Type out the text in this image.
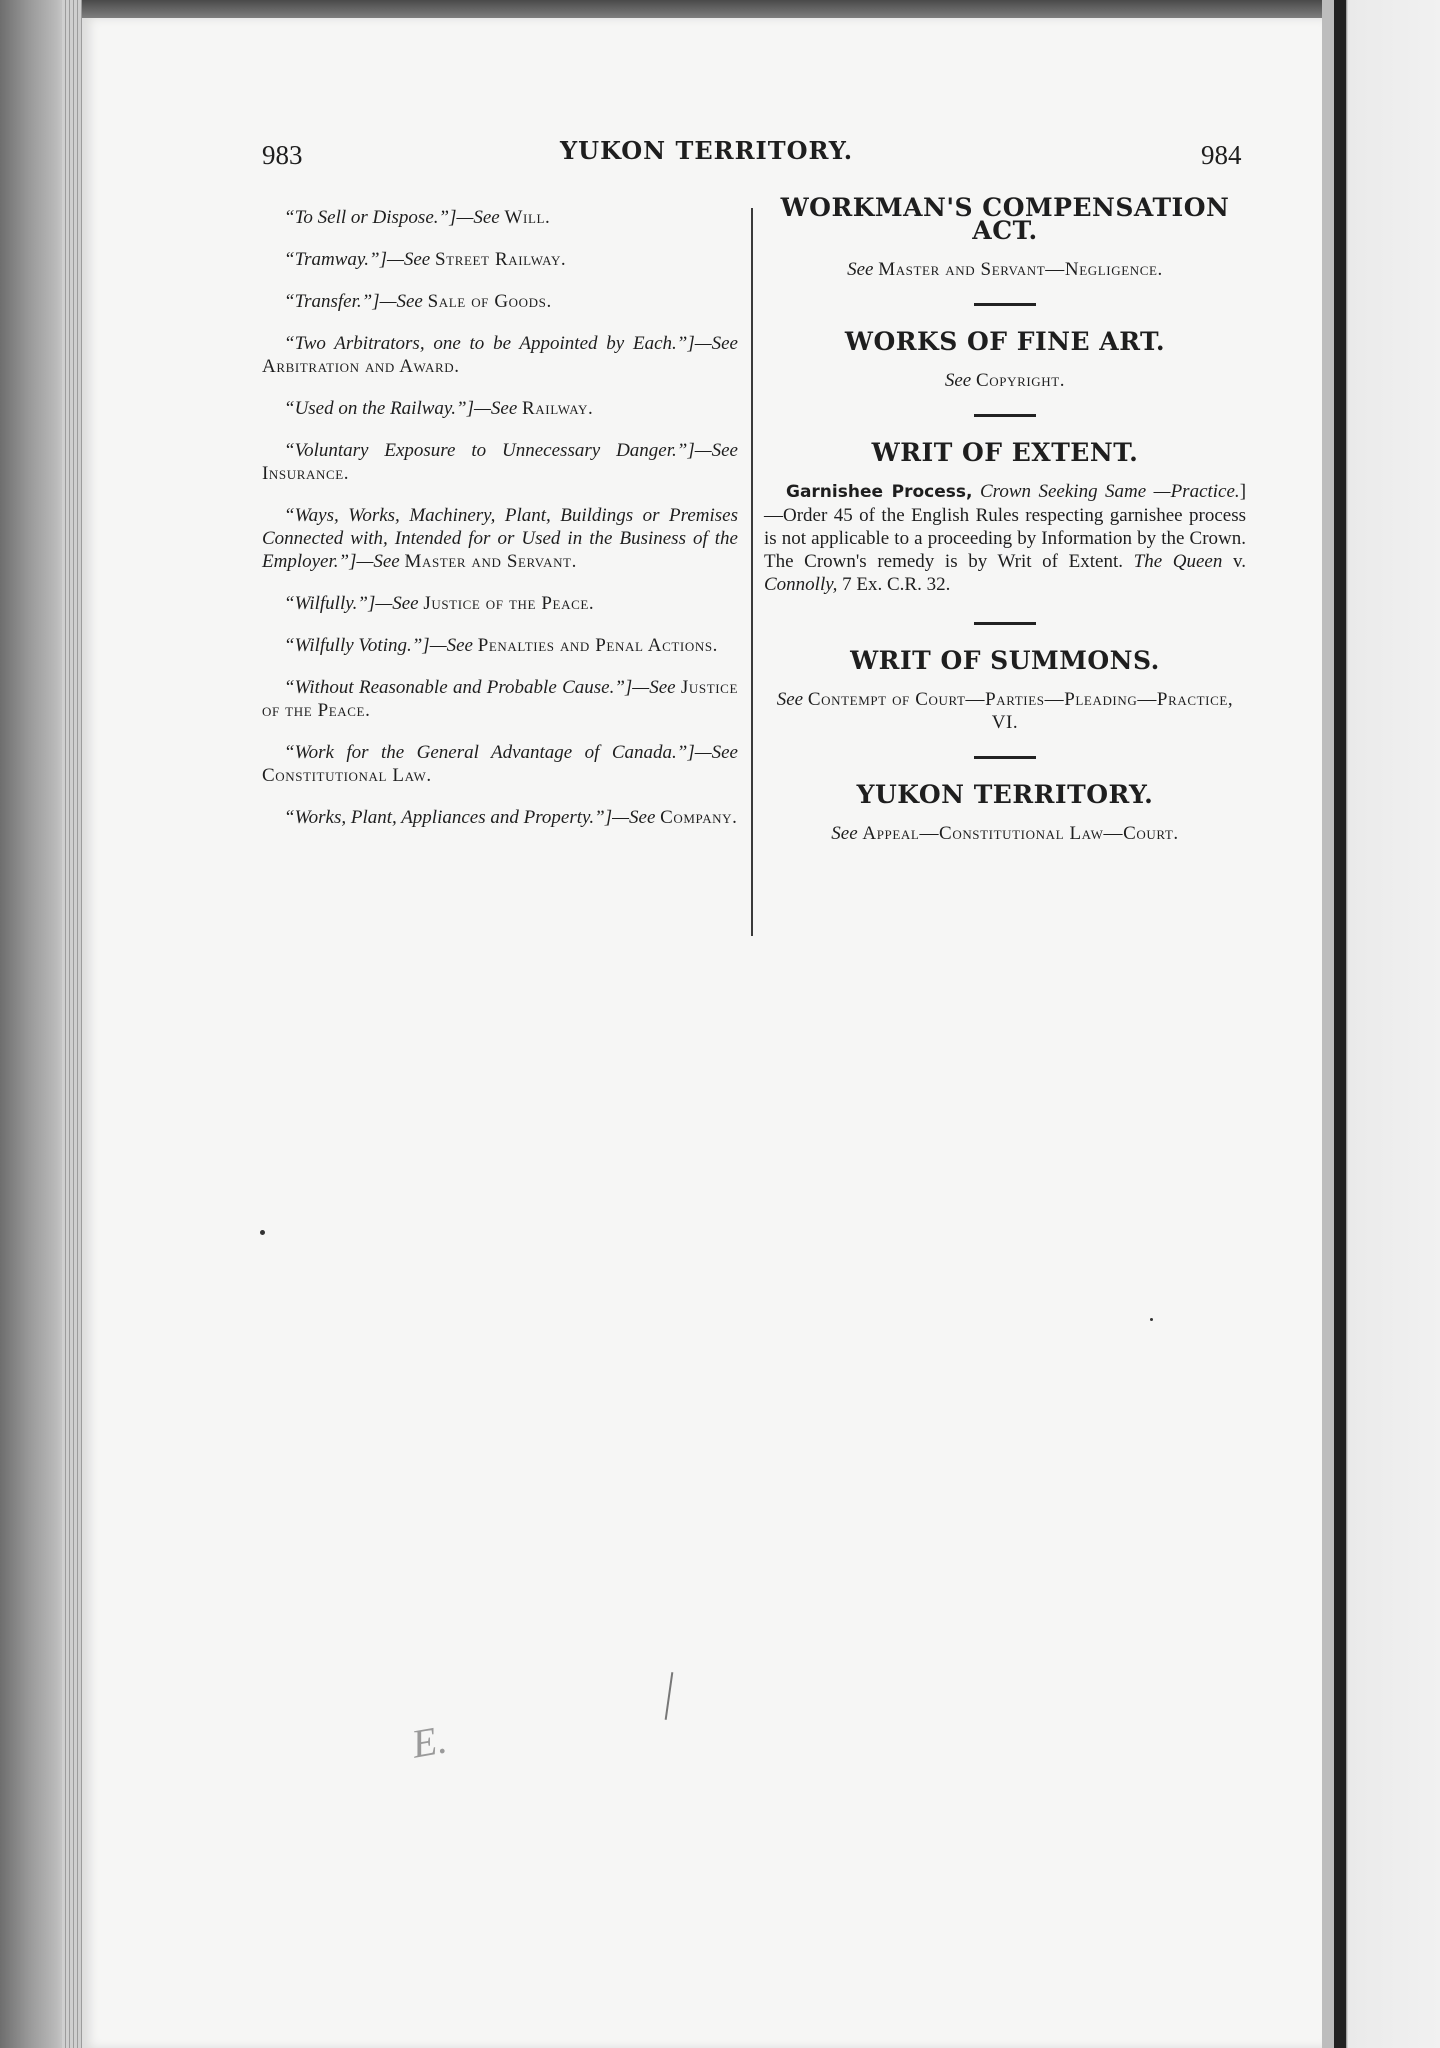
983	YUKON TERRITORY.	984

“To Sell or Dispose.”]—See Will.

“Tramway.”]—See Street Railway.

“Transfer.”]—See Sale of Goods.

“Two Arbitrators, one to be Appointed by Each.”]—See Arbitration and Award.

“Used on the Railway.”]—See Railway.

“Voluntary Exposure to Unnecessary Danger.”]—See Insurance.

“Ways, Works, Machinery, Plant, Buildings or Premises Connected with, Intended for or Used in the Business of the Employer.”]—See Master and Servant.

“Wilfully.”]—See Justice of the Peace.

“Wilfully Voting.”]—See Penalties and Penal Actions.

“Without Reasonable and Probable Cause.”]—See Justice of the Peace.

“Work for the General Advantage of Canada.”]—See Constitutional Law.

“Works, Plant, Appliances and Property.”]—See Company.

WORKMAN'S COMPENSATION ACT.
See Master and Servant—Negligence.
WORKS OF FINE ART.
See Copyright.
WRIT OF EXTENT.

Garnishee Process, Crown Seeking Same —Practice.]—Order 45 of the English Rules respecting garnishee process is not applicable to a proceeding by Information by the Crown. The Crown's remedy is by Writ of Extent. The Queen v. Connolly, 7 Ex. C.R. 32.

WRIT OF SUMMONS.
See Contempt of Court—Parties—Pleading—Practice, VI.
YUKON TERRITORY.
See Appeal—Constitutional Law—Court.
E.
